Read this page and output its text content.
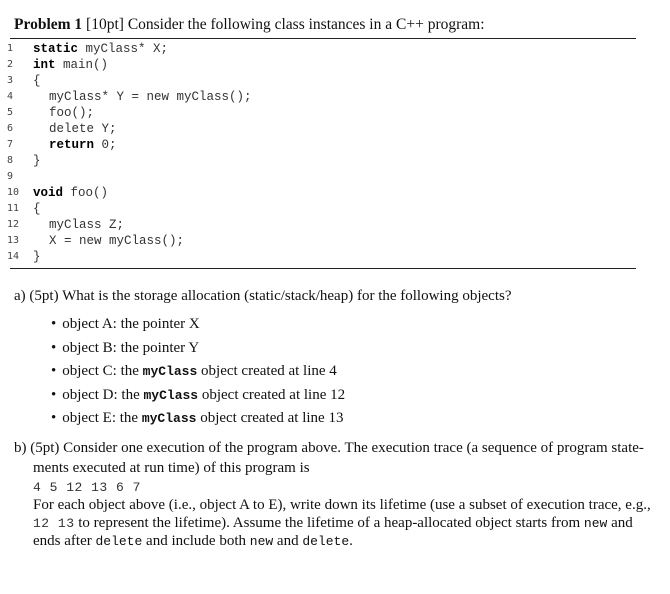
Problem 1 [10pt] Consider the following class instances in a C++ program:
1	static myClass* X;
2	int main()
3	{
4	myClass* Y = new myClass();
5	foo();
6	delete Y;
7	return 0;
8	}
9
10 void foo()
11 {
12 myClass Z;
13 X = new myClass();
14 }
a) (5pt) What is the storage allocation (static/stack/heap) for the following objects?
• object A: the pointer X
• object B: the pointer Y
• object C: the myClass object created at line 4
• object D: the myClass object created at line 12
• object E: the myClass object created at line 13
b) (5pt) Consider one execution of the program above. The execution trace (a sequence of program state-
ments executed at run time) of this program is
4 5 12 13 6 7
For each object above (i.e., object A to E), write down its lifetime (use a subset of execution trace, e.g.,
12 13 to represent the lifetime). Assume the lifetime of a heap-allocated object starts from new and
ends after delete and include both new and delete.
